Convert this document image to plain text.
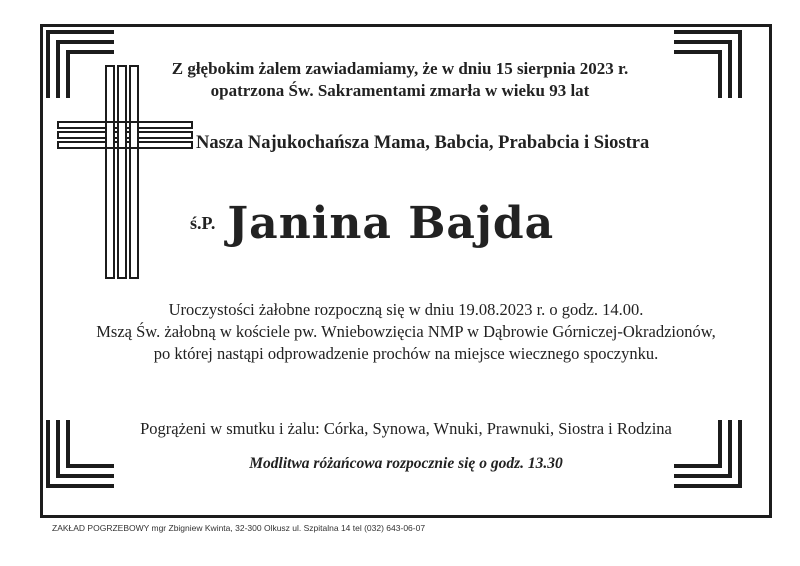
Z głębokim żalem zawiadamiamy, że w dniu 15 sierpnia 2023 r.
opatrzona Św. Sakramentami zmarła w wieku 93 lat
Nasza Najukochańsza Mama, Babcia, Prababcia i Siostra
ś.P. Janina Bajda
Uroczystości żałobne rozpoczną się w dniu 19.08.2023 r. o godz. 14.00.
Mszą Św. żałobną w kościele pw. Wniebowzięcia NMP w Dąbrowie Górniczej-Okradzionów,
po której nastąpi odprowadzenie prochów na miejsce wiecznego spoczynku.
Pogrążeni w smutku i żalu: Córka, Synowa, Wnuki, Prawnuki, Siostra i Rodzina
Modlitwa różańcowa rozpocznie się o godz. 13.30
ZAKŁAD POGRZEBOWY mgr Zbigniew Kwinta, 32-300 Olkusz ul. Szpitalna 14 tel (032) 643-06-07
